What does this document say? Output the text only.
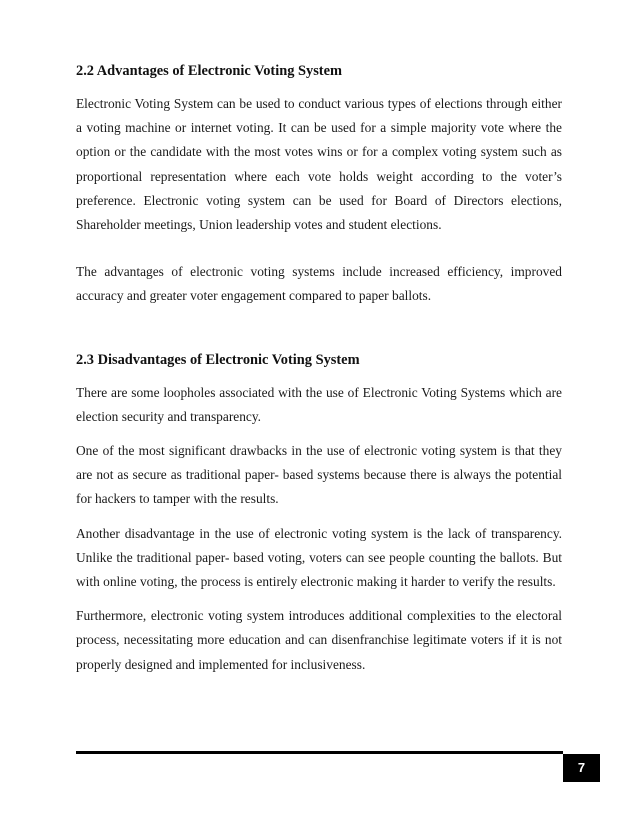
2.2 Advantages of Electronic Voting System

Electronic Voting System can be used to conduct various types of elections through either a voting machine or internet voting. It can be used for a simple majority vote where the option or the candidate with the most votes wins or for a complex voting system such as proportional representation where each vote holds weight according to the voter’s preference. Electronic voting system can be used for Board of Directors elections, Shareholder meetings, Union leadership votes and student elections.

The advantages of electronic voting systems include increased efficiency, improved accuracy and greater voter engagement compared to paper ballots.

2.3 Disadvantages of Electronic Voting System

There are some loopholes associated with the use of Electronic Voting Systems which are election security and transparency.

One of the most significant drawbacks in the use of electronic voting system is that they are not as secure as traditional paper- based systems because there is always the potential for hackers to tamper with the results.

Another disadvantage in the use of electronic voting system is the lack of transparency. Unlike the traditional paper- based voting, voters can see people counting the ballots. But with online voting, the process is entirely electronic making it harder to verify the results.

Furthermore, electronic voting system introduces additional complexities to the electoral process, necessitating more education and can disenfranchise legitimate voters if it is not properly designed and implemented for inclusiveness.

7
